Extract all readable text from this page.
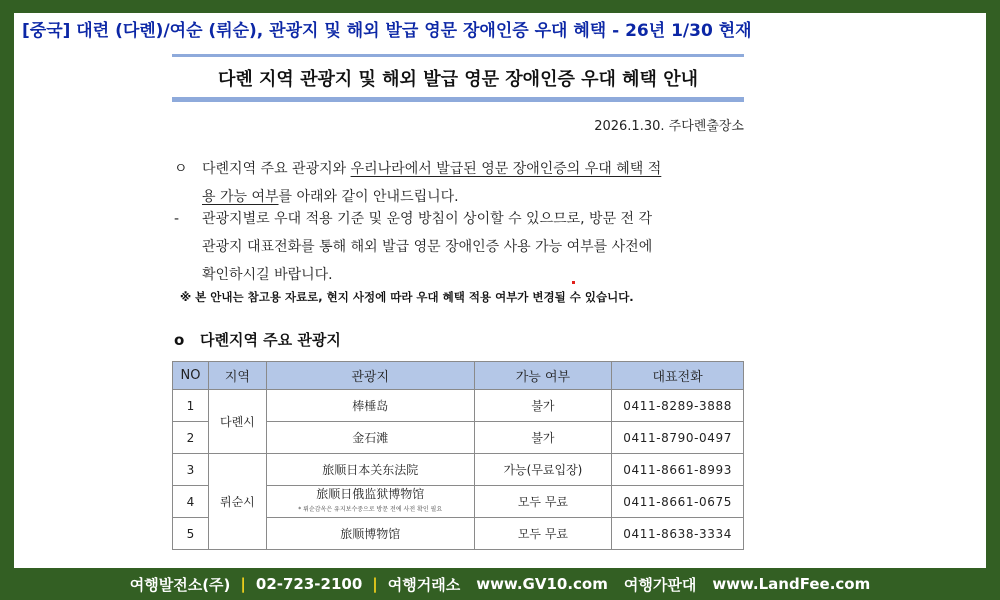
[중국] 대련 (다롄)/여순 (뤼순), 관광지 및 해외 발급 영문 장애인증 우대 혜택 - 26년 1/30 현재
다롄 지역 관광지 및 해외 발급 영문 장애인증 우대 혜택 안내
2026.1.30. 주다롄출장소
ㅇ 다롄지역 주요 관광지와 우리나라에서 발급된 영문 장애인증의 우대 혜택 적
용 가능 여부를 아래와 같이 안내드립니다.
- 관광지별로 우대 적용 기준 및 운영 방침이 상이할 수 있으므로, 방문 전 각
관광지 대표전화를 통해 해외 발급 영문 장애인증 사용 가능 여부를 사전에
확인하시길 바랍니다.
※ 본 안내는 참고용 자료로, 현지 사정에 따라 우대 혜택 적용 여부가 변경될 수 있습니다.
o 다롄지역 주요 관광지
NO	지역	관광지	가능 여부	대표전화
1	다롄시	棒棰岛	불가	0411-8289-3888
2		金石滩	불가	0411-8790-0497
3	뤼순시	旅顺日本关东法院	가능(무료입장)	0411-8661-8993
4		旅顺日俄监狱博物馆
* 뤼순감옥은 유지보수중으로 방문 전에 사전 확인 필요	모두 무료	0411-8661-0675
5		旅顺博物馆	모두 무료	0411-8638-3334
여행발전소(주) | 02-723-2100 | 여행거래소 www.GV10.com 여행가판대 www.LandFee.com
